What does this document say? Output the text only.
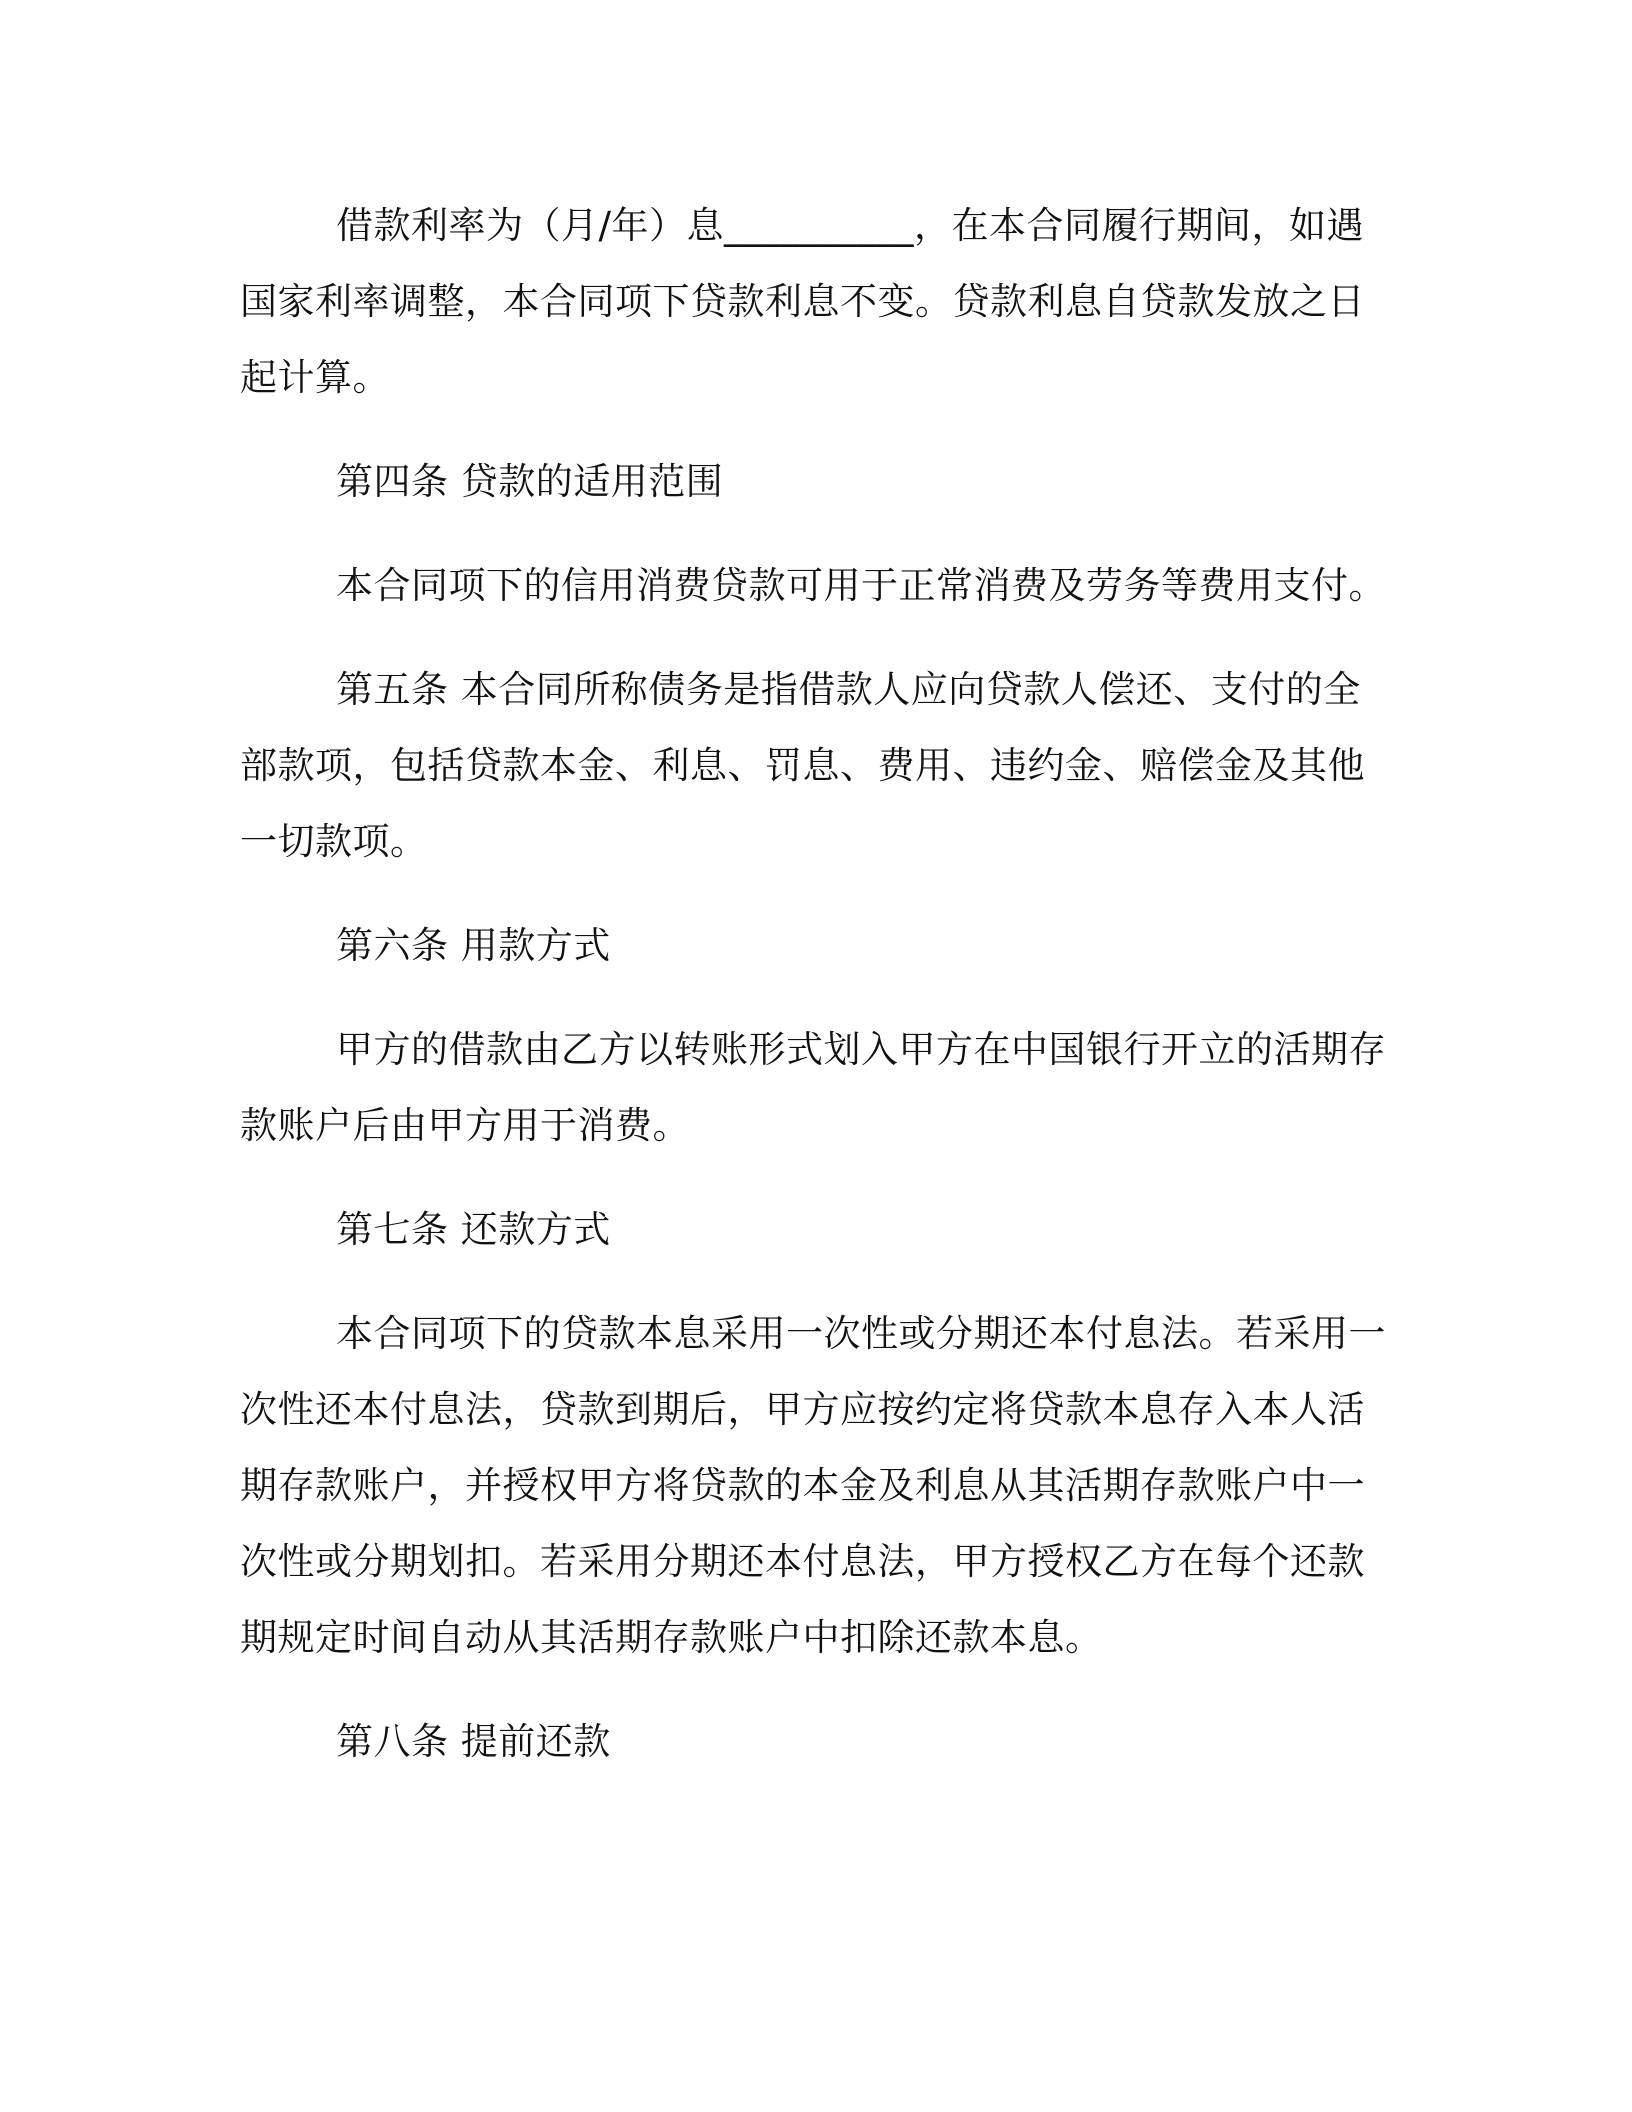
借款利率为（月/年）息__________，在本合同履行期间，如遇国家利率调整，本合同项下贷款利息不变。贷款利息自贷款发放之日起计算。

第四条 贷款的适用范围

本合同项下的信用消费贷款可用于正常消费及劳务等费用支付。

第五条 本合同所称债务是指借款人应向贷款人偿还、支付的全部款项，包括贷款本金、利息、罚息、费用、违约金、赔偿金及其他一切款项。

第六条 用款方式

甲方的借款由乙方以转账形式划入甲方在中国银行开立的活期存款账户后由甲方用于消费。

第七条 还款方式

本合同项下的贷款本息采用一次性或分期还本付息法。若采用一次性还本付息法，贷款到期后，甲方应按约定将贷款本息存入本人活期存款账户，并授权甲方将贷款的本金及利息从其活期存款账户中一次性或分期划扣。若采用分期还本付息法，甲方授权乙方在每个还款期规定时间自动从其活期存款账户中扣除还款本息。

第八条 提前还款
